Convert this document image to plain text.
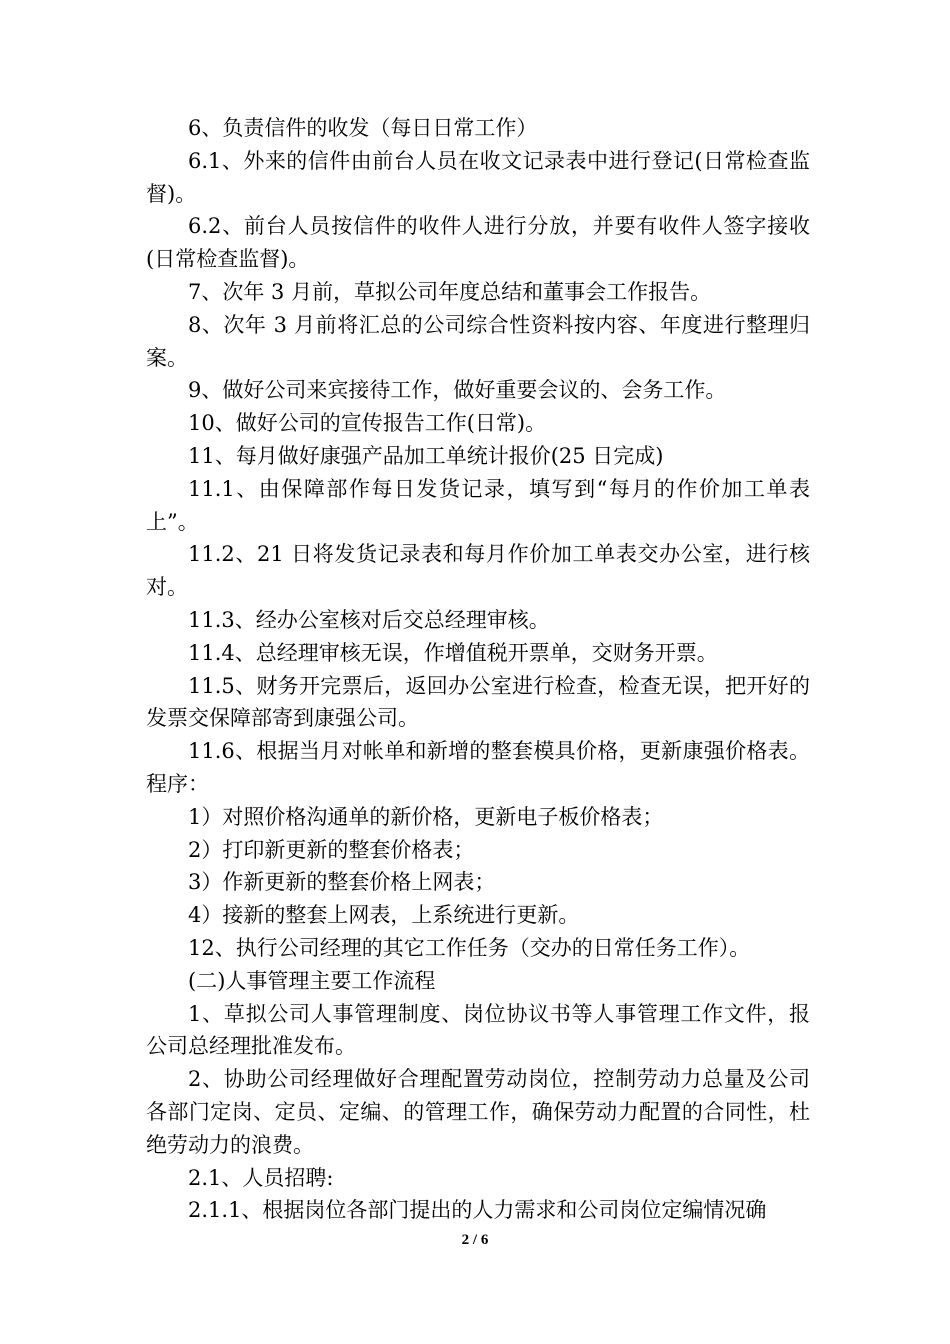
6、负责信件的收发（每日日常工作）

6.1、外来的信件由前台人员在收文记录表中进行登记(日常检查监督)。

6.2、前台人员按信件的收件人进行分放，并要有收件人签字接收(日常检查监督)。

7、次年 3 月前，草拟公司年度总结和董事会工作报告。

8、次年 3 月前将汇总的公司综合性资料按内容、年度进行整理归案。

9、做好公司来宾接待工作，做好重要会议的、会务工作。

10、做好公司的宣传报告工作(日常)。

11、每月做好康强产品加工单统计报价(25 日完成)

11.1、由保障部作每日发货记录，填写到“每月的作价加工单表上”。

11.2、21 日将发货记录表和每月作价加工单表交办公室，进行核对。

11.3、经办公室核对后交总经理审核。

11.4、总经理审核无误，作增值税开票单，交财务开票。

11.5、财务开完票后，返回办公室进行检查，检查无误，把开好的发票交保障部寄到康强公司。

11.6、根据当月对帐单和新增的整套模具价格，更新康强价格表。程序：

1）对照价格沟通单的新价格，更新电子板价格表；

2）打印新更新的整套价格表；

3）作新更新的整套价格上网表；

4）接新的整套上网表，上系统进行更新。

12、执行公司经理的其它工作任务（交办的日常任务工作）。

(二)人事管理主要工作流程

1、草拟公司人事管理制度、岗位协议书等人事管理工作文件，报公司总经理批准发布。

2、协助公司经理做好合理配置劳动岗位，控制劳动力总量及公司各部门定岗、定员、定编、的管理工作，确保劳动力配置的合同性，杜绝劳动力的浪费。

2.1、人员招聘:

2.1.1、根据岗位各部门提出的人力需求和公司岗位定编情况确

2 / 6
